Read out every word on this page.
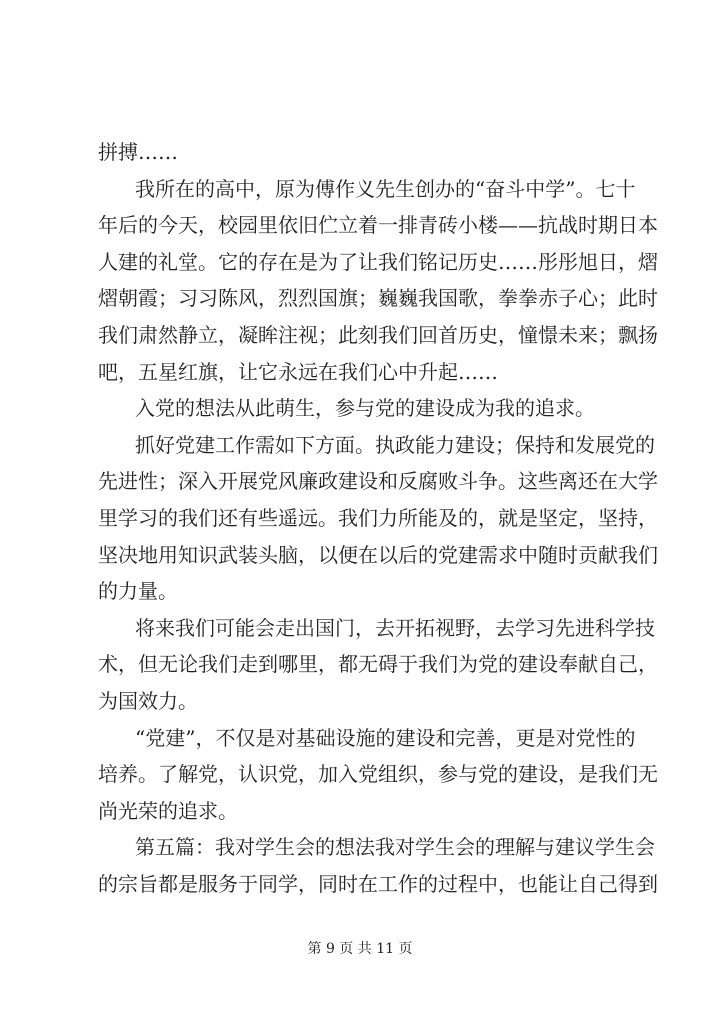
拼搏……
我所在的高中，原为傅作义先生创办的“奋斗中学”。七十
年后的今天，校园里依旧伫立着一排青砖小楼——抗战时期日本
人建的礼堂。它的存在是为了让我们铭记历史……彤彤旭日，熠
熠朝霞；习习陈风，烈烈国旗；巍巍我国歌，拳拳赤子心；此时
我们肃然静立，凝眸注视；此刻我们回首历史，憧憬未来；飘扬
吧，五星红旗，让它永远在我们心中升起……
入党的想法从此萌生，参与党的建设成为我的追求。
抓好党建工作需如下方面。执政能力建设；保持和发展党的
先进性；深入开展党风廉政建设和反腐败斗争。这些离还在大学
里学习的我们还有些遥远。我们力所能及的，就是坚定，坚持，
坚决地用知识武装头脑，以便在以后的党建需求中随时贡献我们
的力量。
将来我们可能会走出国门，去开拓视野，去学习先进科学技
术，但无论我们走到哪里，都无碍于我们为党的建设奉献自己，
为国效力。
“党建”，不仅是对基础设施的建设和完善，更是对党性的
培养。了解党，认识党，加入党组织，参与党的建设，是我们无
尚光荣的追求。
第五篇：我对学生会的想法我对学生会的理解与建议学生会
的宗旨都是服务于同学，同时在工作的过程中，也能让自己得到
第 9 页 共 11 页
